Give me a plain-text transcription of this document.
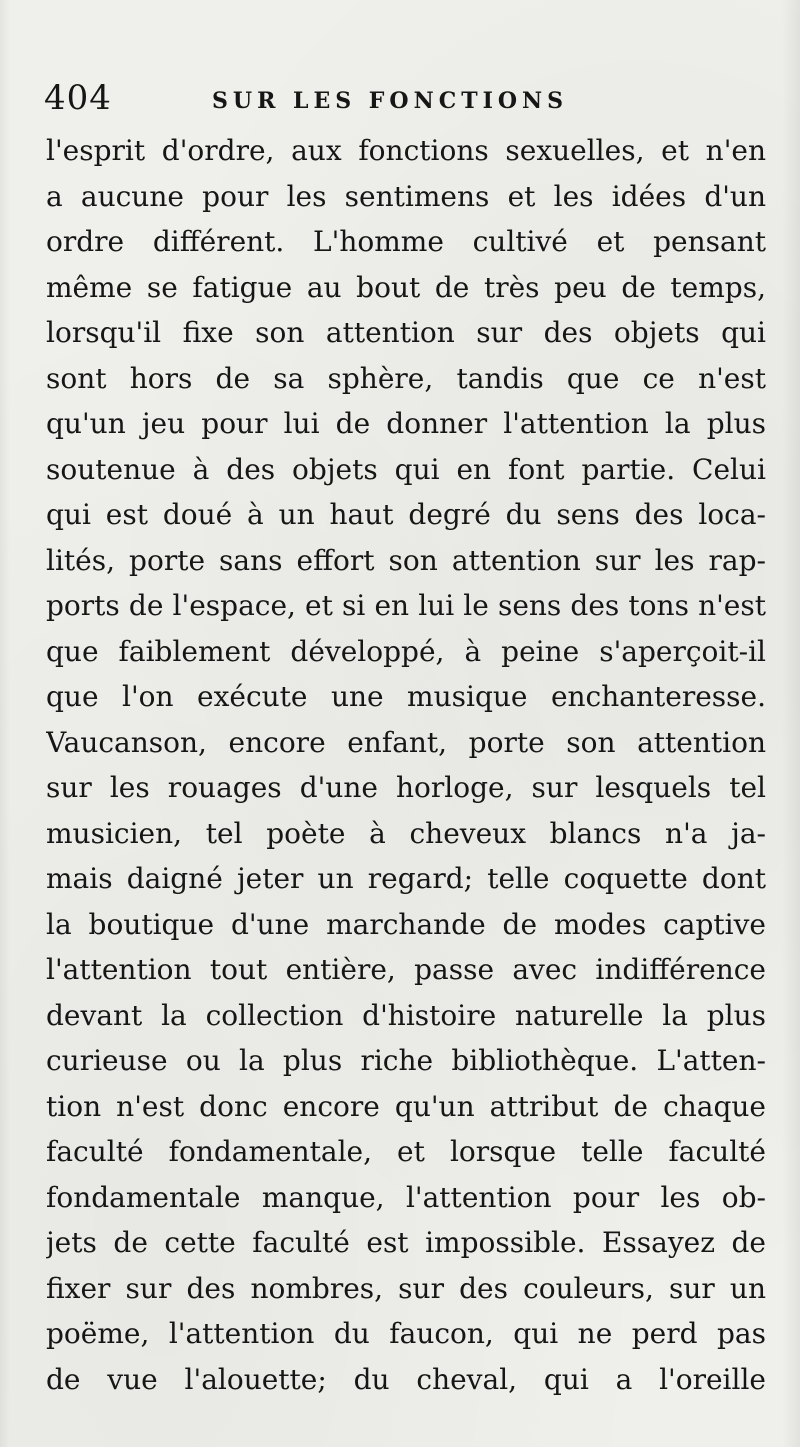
404	SUR LES FONCTIONS
l'esprit d'ordre, aux fonctions sexuelles, et n'en
a aucune pour les sentimens et les idées d'un
ordre différent. L'homme cultivé et pensant
même se fatigue au bout de très peu de temps,
lorsqu'il fixe son attention sur des objets qui
sont hors de sa sphère, tandis que ce n'est
qu'un jeu pour lui de donner l'attention la plus
soutenue à des objets qui en font partie. Celui
qui est doué à un haut degré du sens des loca-
lités, porte sans effort son attention sur les rap-
ports de l'espace, et si en lui le sens des tons n'est
que faiblement développé, à peine s'aperçoit-il
que l'on exécute une musique enchanteresse.
Vaucanson, encore enfant, porte son attention
sur les rouages d'une horloge, sur lesquels tel
musicien, tel poète à cheveux blancs n'a ja-
mais daigné jeter un regard; telle coquette dont
la boutique d'une marchande de modes captive
l'attention tout entière, passe avec indifférence
devant la collection d'histoire naturelle la plus
curieuse ou la plus riche bibliothèque. L'atten-
tion n'est donc encore qu'un attribut de chaque
faculté fondamentale, et lorsque telle faculté
fondamentale manque, l'attention pour les ob-
jets de cette faculté est impossible. Essayez de
fixer sur des nombres, sur des couleurs, sur un
poëme, l'attention du faucon, qui ne perd pas
de vue l'alouette; du cheval, qui a l'oreille
